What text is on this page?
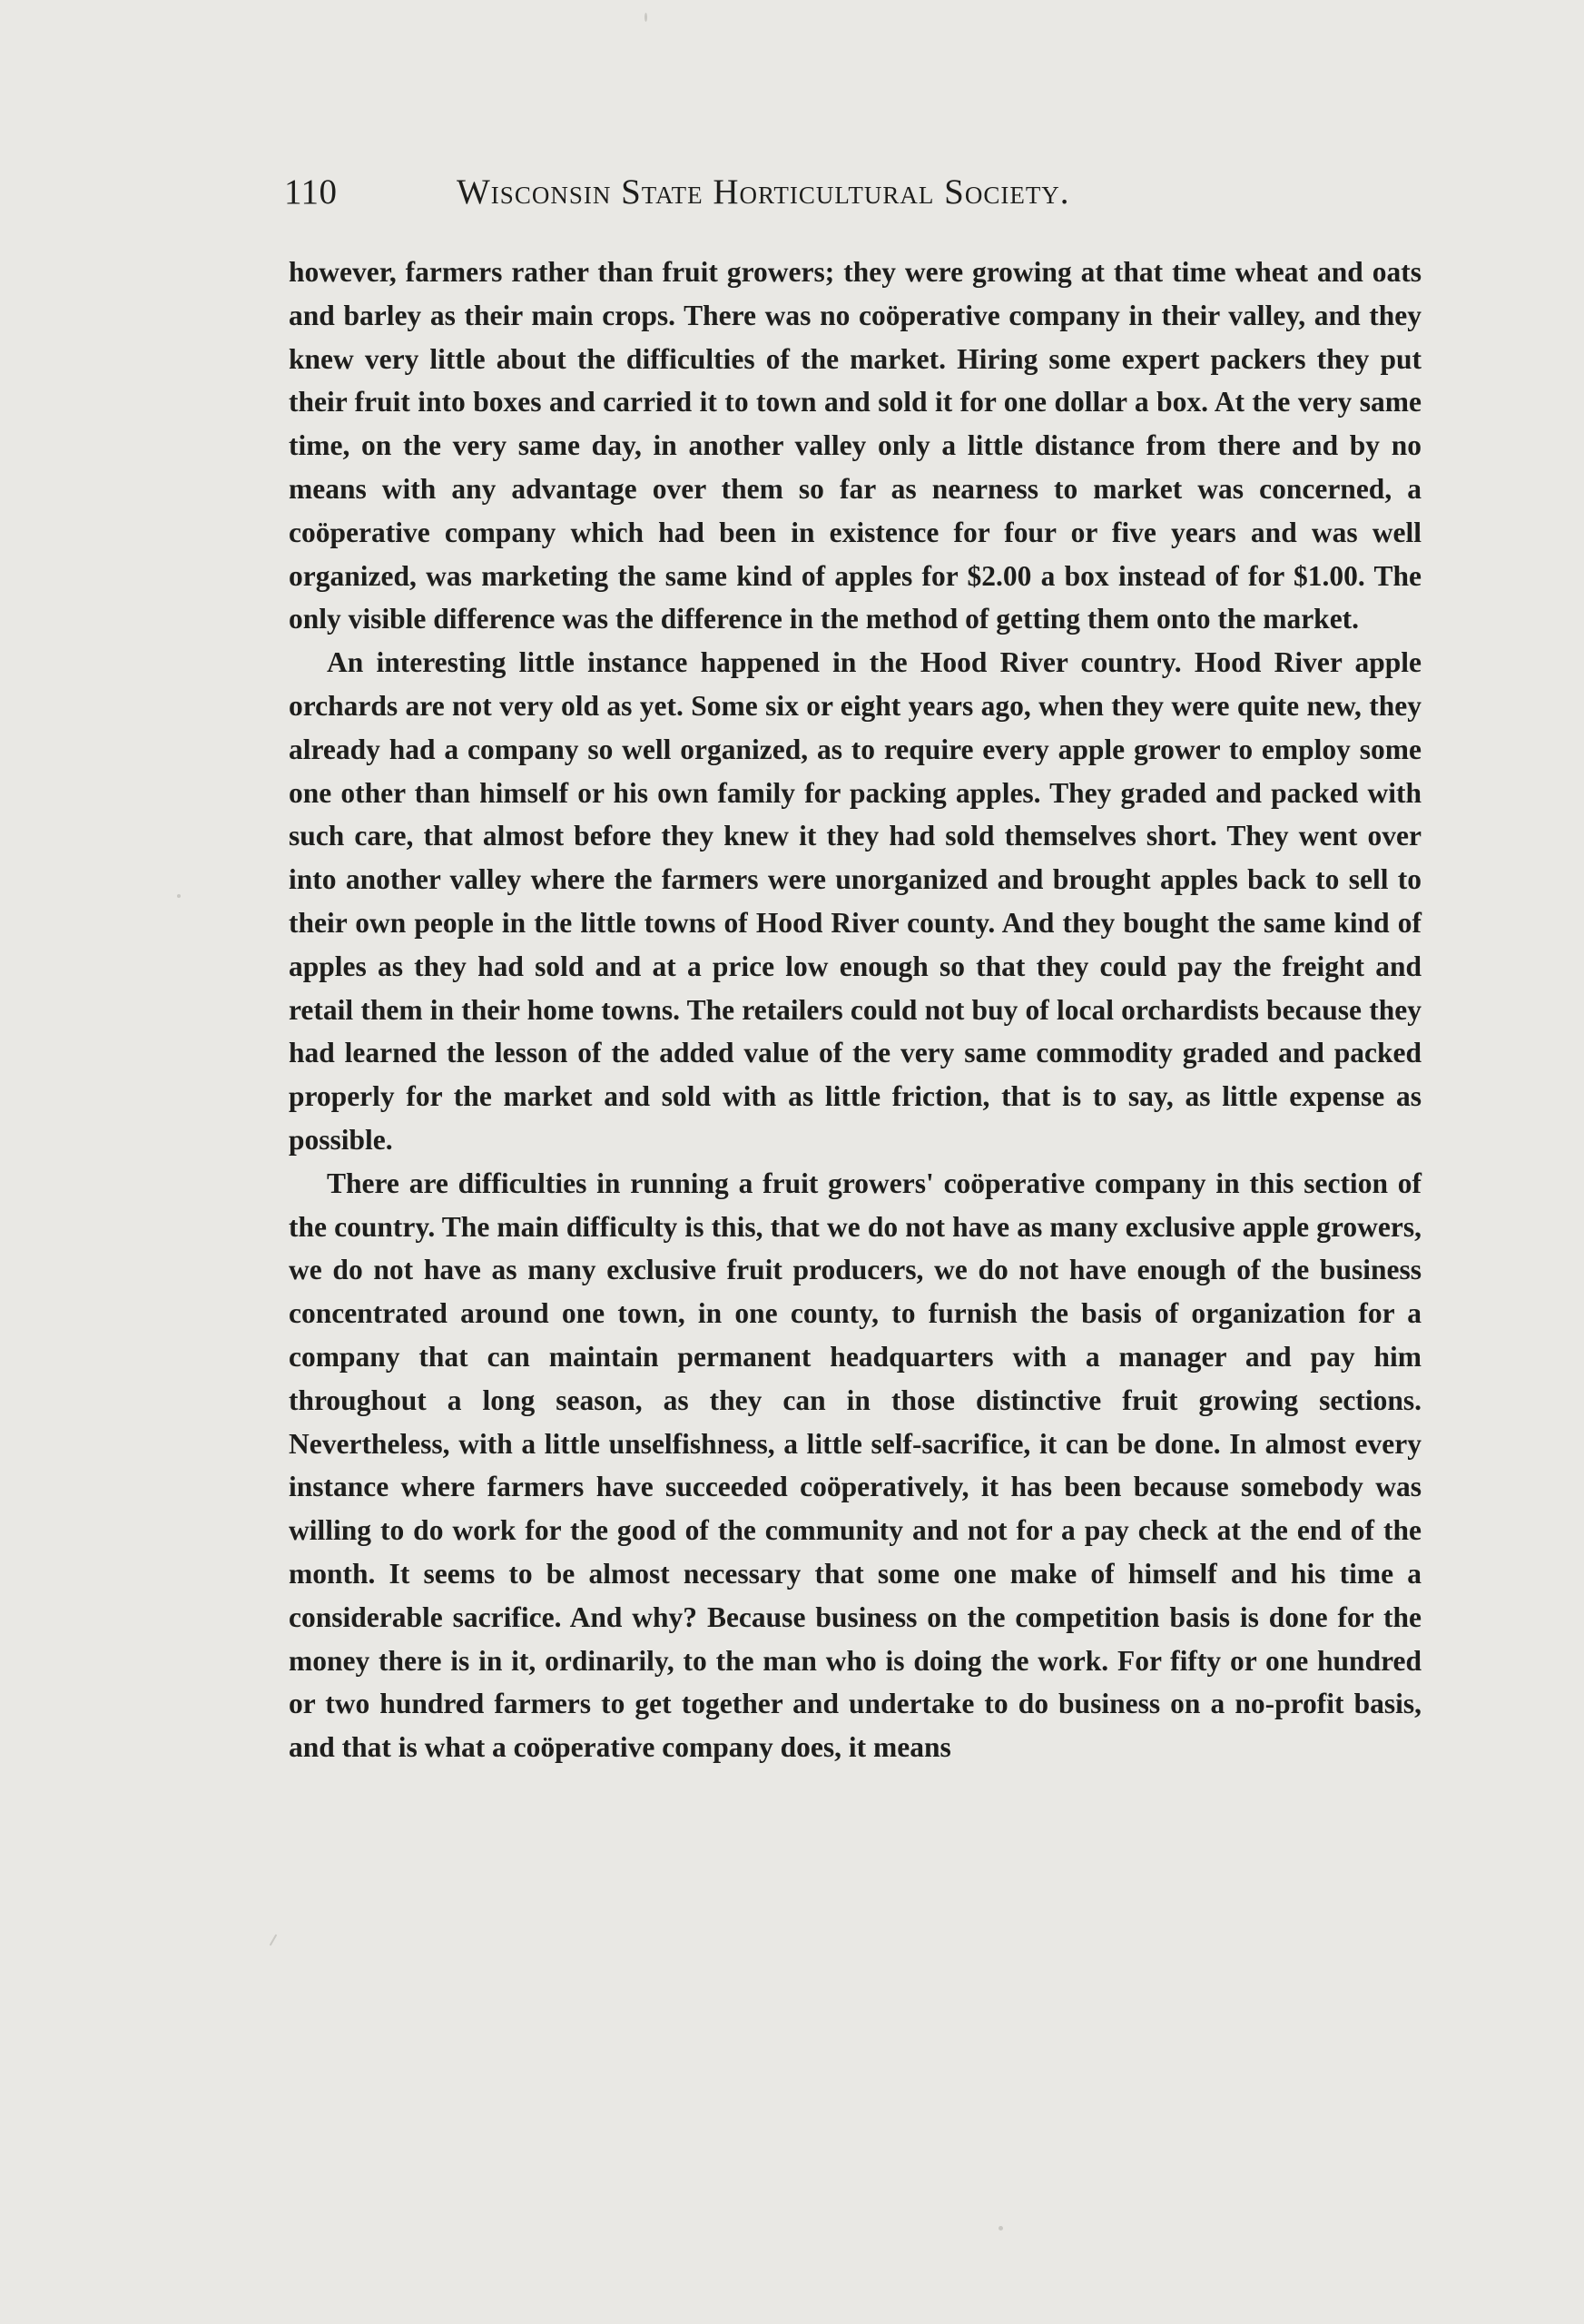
110	Wisconsin State Horticultural Society.

however, farmers rather than fruit growers; they were growing at that time wheat and oats and barley as their main crops. There was no coöperative company in their valley, and they knew very little about the difficulties of the market. Hiring some expert packers they put their fruit into boxes and carried it to town and sold it for one dollar a box. At the very same time, on the very same day, in another valley only a little distance from there and by no means with any advantage over them so far as nearness to market was concerned, a coöperative company which had been in existence for four or five years and was well organized, was marketing the same kind of apples for $2.00 a box instead of for $1.00. The only visible difference was the difference in the method of getting them onto the market.

An interesting little instance happened in the Hood River country. Hood River apple orchards are not very old as yet. Some six or eight years ago, when they were quite new, they already had a company so well organized, as to require every apple grower to employ some one other than himself or his own family for packing apples. They graded and packed with such care, that almost before they knew it they had sold themselves short. They went over into another valley where the farmers were unorganized and brought apples back to sell to their own people in the little towns of Hood River county. And they bought the same kind of apples as they had sold and at a price low enough so that they could pay the freight and retail them in their home towns. The retailers could not buy of local orchardists because they had learned the lesson of the added value of the very same commodity graded and packed properly for the market and sold with as little friction, that is to say, as little expense as possible.

There are difficulties in running a fruit growers' coöperative company in this section of the country. The main difficulty is this, that we do not have as many exclusive apple growers, we do not have as many exclusive fruit producers, we do not have enough of the business concentrated around one town, in one county, to furnish the basis of organization for a company that can maintain permanent headquarters with a manager and pay him throughout a long season, as they can in those distinctive fruit growing sections. Nevertheless, with a little unselfishness, a little self-sacrifice, it can be done. In almost every instance where farmers have succeeded coöperatively, it has been because somebody was willing to do work for the good of the community and not for a pay check at the end of the month. It seems to be almost necessary that some one make of himself and his time a considerable sacrifice. And why? Because business on the competition basis is done for the money there is in it, ordinarily, to the man who is doing the work. For fifty or one hundred or two hundred farmers to get together and undertake to do business on a no-profit basis, and that is what a coöperative company does, it means
